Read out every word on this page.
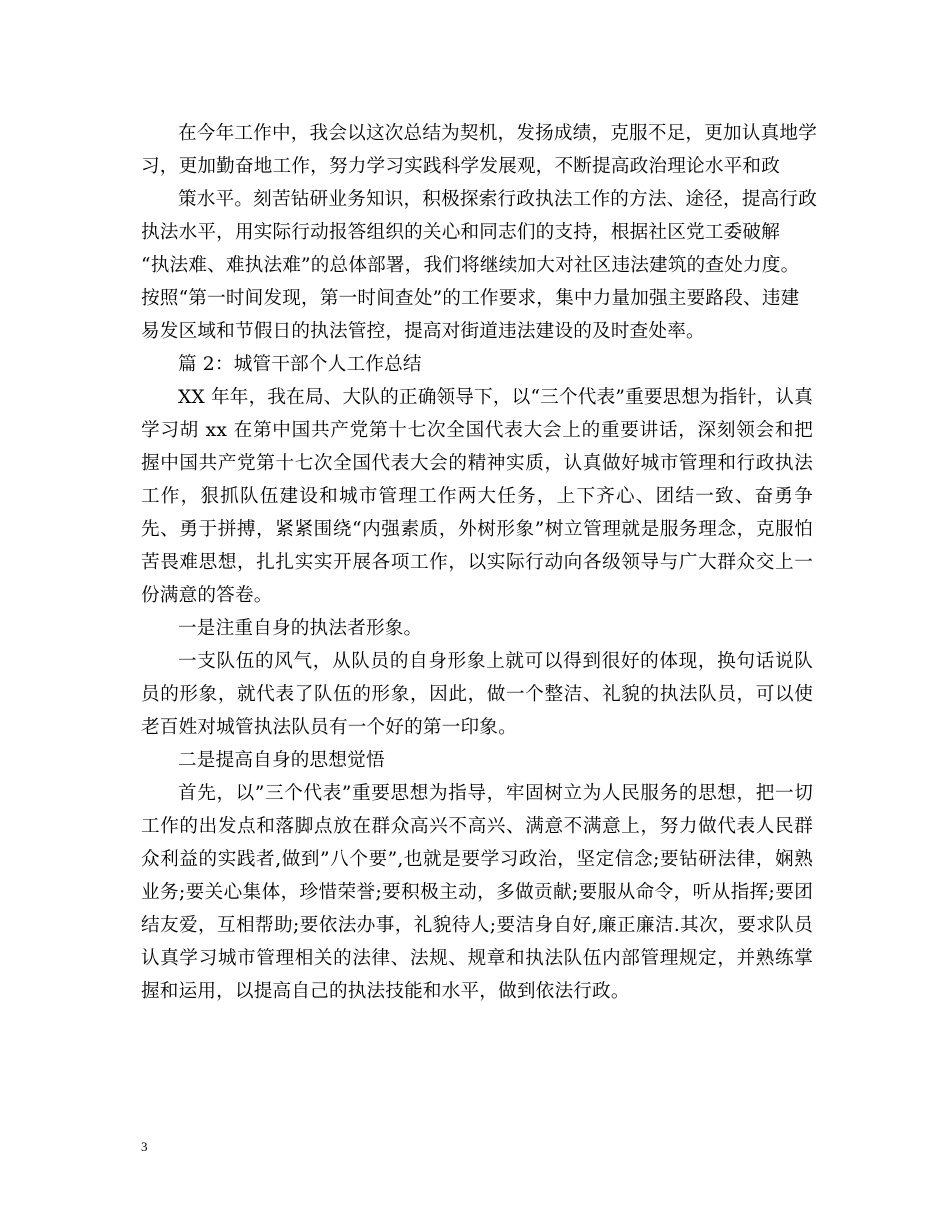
在今年工作中，我会以这次总结为契机，发扬成绩，克服不足，更加认真地学
习，更加勤奋地工作，努力学习实践科学发展观，不断提高政治理论水平和政
策水平。刻苦钻研业务知识，积极探索行政执法工作的方法、途径，提高行政
执法水平，用实际行动报答组织的关心和同志们的支持，根据社区党工委破解
“执法难、难执法难”的总体部署，我们将继续加大对社区违法建筑的查处力度。
按照“第一时间发现，第一时间查处”的工作要求，集中力量加强主要路段、违建
易发区域和节假日的执法管控，提高对街道违法建设的及时查处率。

篇 2：城管干部个人工作总结

XX 年年，我在局、大队的正确领导下，以“三个代表”重要思想为指针，认真学习胡 xx 在第中国共产党第十七次全国代表大会上的重要讲话，深刻领会和把握中国共产党第十七次全国代表大会的精神实质，认真做好城市管理和行政执法工作，狠抓队伍建设和城市管理工作两大任务，上下齐心、团结一致、奋勇争先、勇于拼搏，紧紧围绕“内强素质，外树形象”树立管理就是服务理念，克服怕苦畏难思想，扎扎实实开展各项工作，以实际行动向各级领导与广大群众交上一份满意的答卷。

一是注重自身的执法者形象。

一支队伍的风气，从队员的自身形象上就可以得到很好的体现，换句话说队员的形象，就代表了队伍的形象，因此，做一个整洁、礼貌的执法队员，可以使老百姓对城管执法队员有一个好的第一印象。

二是提高自身的思想觉悟

首先，以”三个代表”重要思想为指导，牢固树立为人民服务的思想，把一切工作的出发点和落脚点放在群众高兴不高兴、满意不满意上，努力做代表人民群众利益的实践者,做到”八个要”,也就是要学习政治，坚定信念;要钻研法律，娴熟业务;要关心集体，珍惜荣誉;要积极主动，多做贡献;要服从命令，听从指挥;要团结友爱，互相帮助;要依法办事，礼貌待人;要洁身自好,廉正廉洁.其次，要求队员认真学习城市管理相关的法律、法规、规章和执法队伍内部管理规定，并熟练掌握和运用，以提高自己的执法技能和水平，做到依法行政。

3
